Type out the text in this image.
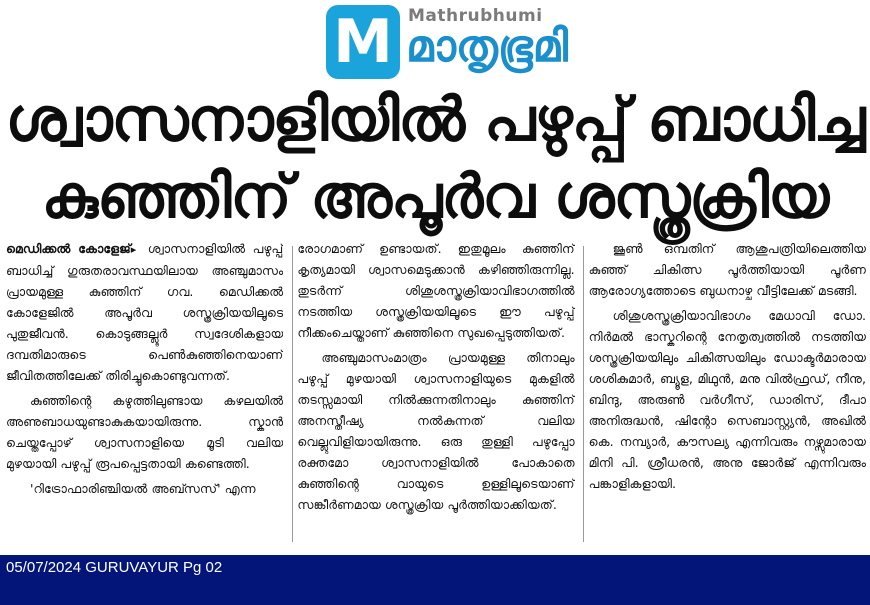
M Mathrubhumi
മാതൃഭൂമി
ശ്വാസനാളിയിൽ പഴുപ്പ് ബാധിച്ച
കുഞ്ഞിന് അപൂർവ ശസ്ത്രക്രിയ

മെഡിക്കൽ കോളേജ്▸ ശ്വാസനാളിയിൽ പഴുപ്പ് ബാധിച്ച് ഗുരുതരാവസ്ഥയിലായ അഞ്ചുമാസം പ്രായമുള്ള കുഞ്ഞിന് ഗവ. മെഡിക്കൽ കോളേജിൽ അപൂർവ ശസ്ത്രക്രിയയിലൂടെ പുതുജീവൻ. കൊടുങ്ങല്ലൂർ സ്വദേശികളായ ദമ്പതിമാരുടെ പെൺകുഞ്ഞിനെയാണ് ജീവിതത്തിലേക്ക് തിരിച്ചുകൊണ്ടുവന്നത്.

കുഞ്ഞിന്റെ കഴുത്തിലുണ്ടായ കഴലയിൽ അണുബാധയുണ്ടാകുകയായിരുന്നു. സ്കാൻ ചെയ്തപ്പോഴ് ശ്വാസനാളിയെ മൂടി വലിയ മുഴയായി പഴുപ്പ് രൂപപ്പെട്ടതായി കണ്ടെത്തി.

'റിട്രോഫാരിഞ്ചിയൽ അബ്സസ്' എന്ന

രോഗമാണ് ഉണ്ടായത്. ഇതുമൂലം കുഞ്ഞിന് കൃത്യമായി ശ്വാസമെടുക്കാൻ കഴിഞ്ഞിരുന്നില്ല. തുടർന്ന് ശിശുശസ്ത്രക്രിയാവിഭാഗത്തിൽ നടത്തിയ ശസ്ത്രക്രിയയിലൂടെ ഈ പഴുപ്പ് നീക്കംചെയ്താണ് കുഞ്ഞിനെ സുഖപ്പെടുത്തിയത്.

അഞ്ചുമാസംമാത്രം പ്രായമുള്ള തിനാലും പഴുപ്പ് മുഴയായി ശ്വാസനാളിയുടെ മുകളിൽ തടസ്സമായി നിൽക്കുന്നതിനാലും കുഞ്ഞിന് അനസ്തീഷ്യ നൽകുന്നത് വലിയ വെല്ലുവിളിയായിരുന്നു. ഒരു തുള്ളി പഴുപ്പോ രക്തമോ ശ്വാസനാളിയിൽ പോകാതെ കുഞ്ഞിന്റെ വായുടെ ഉള്ളിലൂടെയാണ് സങ്കീർണമായ ശസ്ത്രക്രിയ പൂർത്തിയാക്കിയത്.

ജൂൺ ഒമ്പതിന് ആശുപത്രിയിലെത്തിയ കുഞ്ഞ് ചികിത്സ പൂർത്തിയായി പൂർണ ആരോഗ്യത്തോടെ ബുധനാഴ്ച വീട്ടിലേക്ക് മടങ്ങി.

ശിശുശസ്ത്രക്രിയാവിഭാഗം മേധാവി ഡോ. നിർമൽ ഭാസ്കറിന്റെ നേതൃത്വത്തിൽ നടത്തിയ ശസ്ത്രക്രിയയിലും ചികിത്സയിലും ഡോക്ടർമാരായ ശശികുമാർ, ബ്യൂള, മിഥുൻ, മനു വിൽഫ്രഡ്, നീനു, ബിന്ദു, അരുൺ വർഗീസ്, ഡാരിസ്, ദീപാ അനിരുദ്ധൻ, ഷിന്റോ സെബാസ്റ്റ്യൻ, അഖിൽ കെ. നമ്പ്യാർ, കൗസല്യ എന്നിവരും നഴ്സുമാരായ മിനി പി. ശ്രീധരൻ, അനു ജോർജ് എന്നിവരും പങ്കാളികളായി.

05/07/2024 GURUVAYUR Pg 02
